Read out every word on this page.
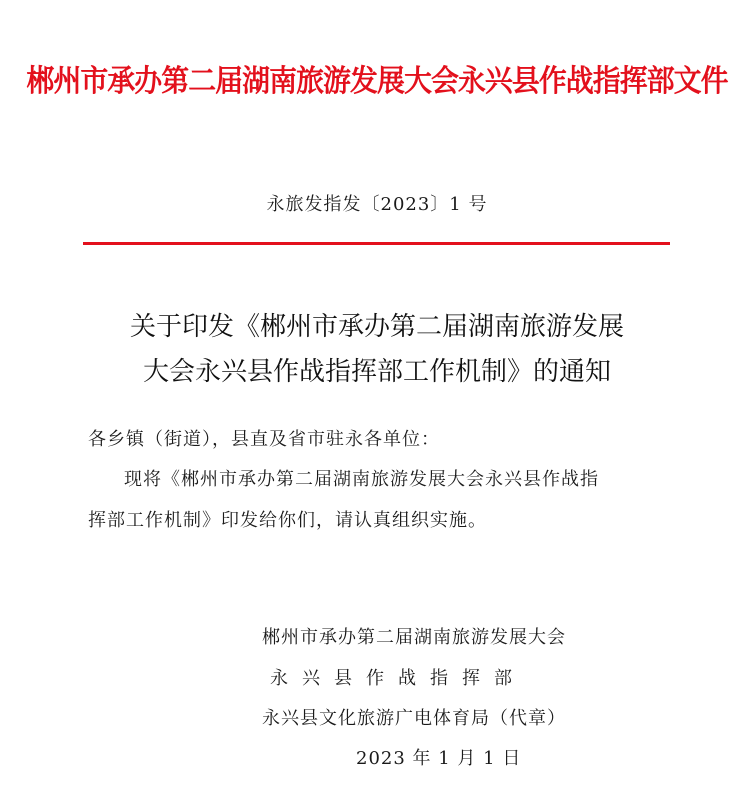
郴州市承办第二届湖南旅游发展大会永兴县作战指挥部文件
永旅发指发〔2023〕1 号
关于印发《郴州市承办第二届湖南旅游发展
大会永兴县作战指挥部工作机制》的通知
各乡镇（街道），县直及省市驻永各单位：
现将《郴州市承办第二届湖南旅游发展大会永兴县作战指
挥部工作机制》印发给你们，请认真组织实施。
郴州市承办第二届湖南旅游发展大会
永兴县作战指挥部
永兴县文化旅游广电体育局（代章）
2023 年 1 月 1 日
